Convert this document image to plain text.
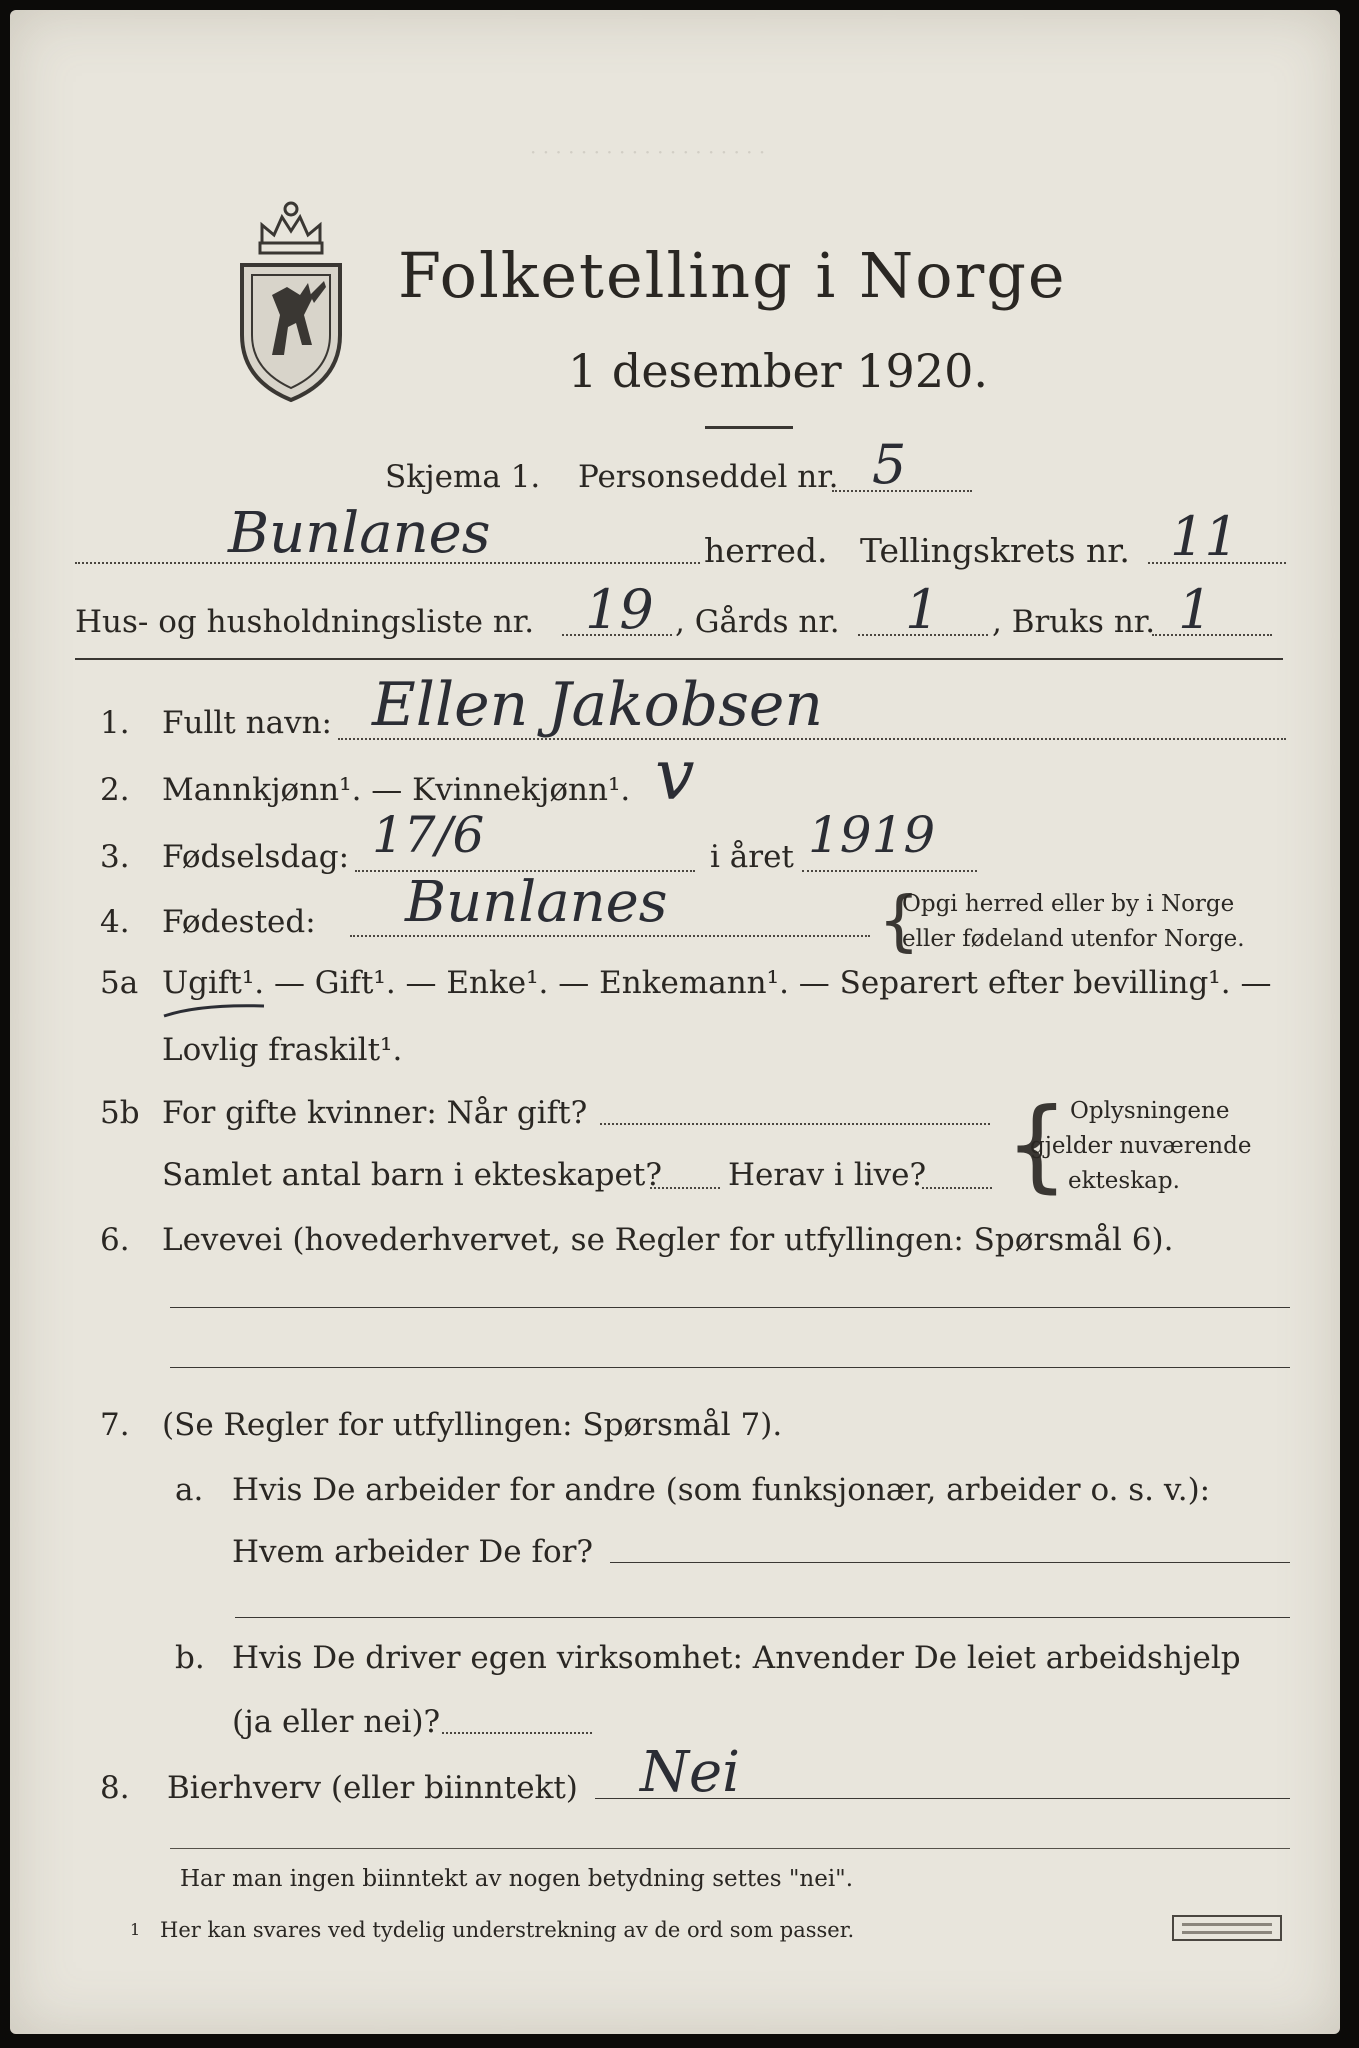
· · · · · · · · · · · · · · · · · · ·
Folketelling i Norge
1 desember 1920.
Skjema 1. Personseddel nr. 5
Bunlanes	herred. Tellingskrets nr. 11
Hus- og husholdningsliste nr. 19 , Gårds nr. 1 , Bruks nr. 1
1. Fullt navn: Ellen Jakobsen
2. Mannkjønn¹. — Kvinnekjønn¹. v
3. Fødselsdag: 17/6	i året 1919
4. Fødested: Bunlanes	{
Opgi herred eller by i Norge
eller fødeland utenfor Norge.
5a Ugift¹. — Gift¹. — Enke¹. — Enkemann¹. — Separert efter bevilling¹. —
Lovlig fraskilt¹.
5b For gifte kvinner: Når gift?
Samlet antal barn i ekteskapet? Herav i live? { Oplysningene
gjelder nuværende
ekteskap.
6. Levevei (hovederhvervet, se Regler for utfyllingen: Spørsmål 6).
7. (Se Regler for utfyllingen: Spørsmål 7).
a. Hvis De arbeider for andre (som funksjonær, arbeider o. s. v.):
Hvem arbeider De for?
b. Hvis De driver egen virksomhet: Anvender De leiet arbeidshjelp
(ja eller nei)?
8. Bierhverv (eller biinntekt) Nei
Har man ingen biinntekt av nogen betydning settes "nei".
1 Her kan svares ved tydelig understrekning av de ord som passer.
